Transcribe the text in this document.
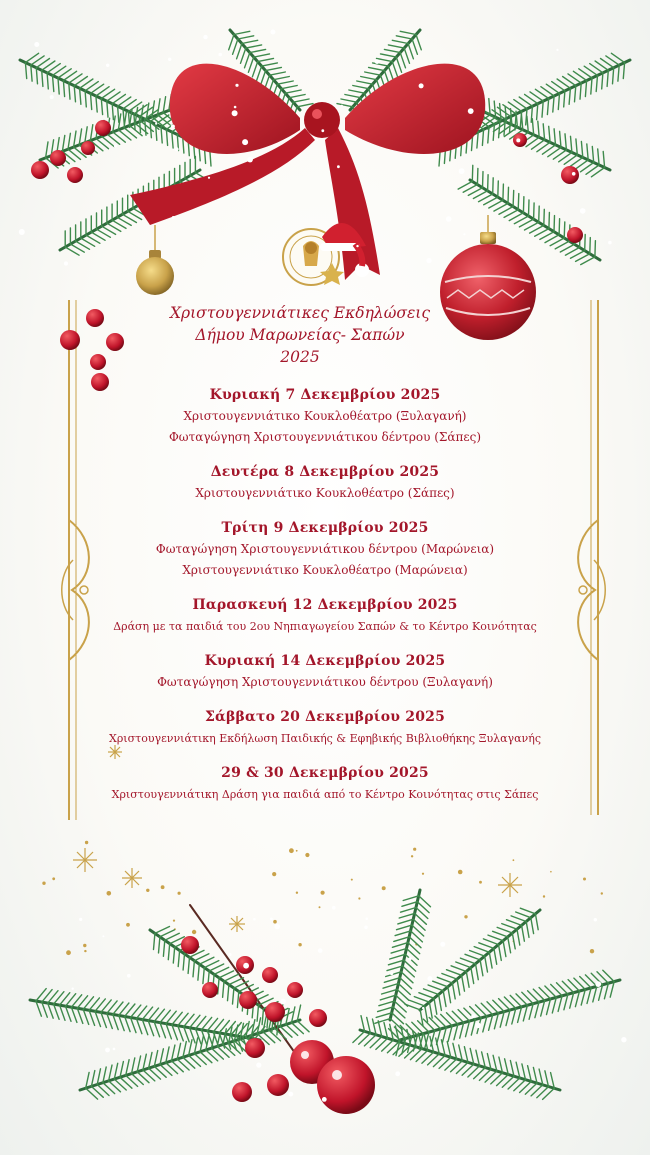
Χριστουγεννιάτικες Εκδηλώσεις
Δήμου Μαρωνείας- Σαπών
2025
Κυριακή 7 Δεκεμβρίου 2025
Χριστουγεννιάτικο Κουκλοθέατρο (Ξυλαγανή)
Φωταγώγηση Χριστουγεννιάτικου δέντρου (Σάπες)
Δευτέρα 8 Δεκεμβρίου 2025
Χριστουγεννιάτικο Κουκλοθέατρο (Σάπες)
Τρίτη 9 Δεκεμβρίου 2025
Φωταγώγηση Χριστουγεννιάτικου δέντρου (Μαρώνεια)
Χριστουγεννιάτικο Κουκλοθέατρο (Μαρώνεια)
Παρασκευή 12 Δεκεμβρίου 2025
Δράση με τα παιδιά του 2ου Νηπιαγωγείου Σαπών & το Κέντρο Κοινότητας
Κυριακή 14 Δεκεμβρίου 2025
Φωταγώγηση Χριστουγεννιάτικου δέντρου (Ξυλαγανή)
Σάββατο 20 Δεκεμβρίου 2025
Χριστουγεννιάτικη Εκδήλωση Παιδικής & Εφηβικής Βιβλιοθήκης Ξυλαγανής
29 & 30 Δεκεμβρίου 2025
Χριστουγεννιάτικη Δράση για παιδιά από το Κέντρο Κοινότητας στις Σάπες
